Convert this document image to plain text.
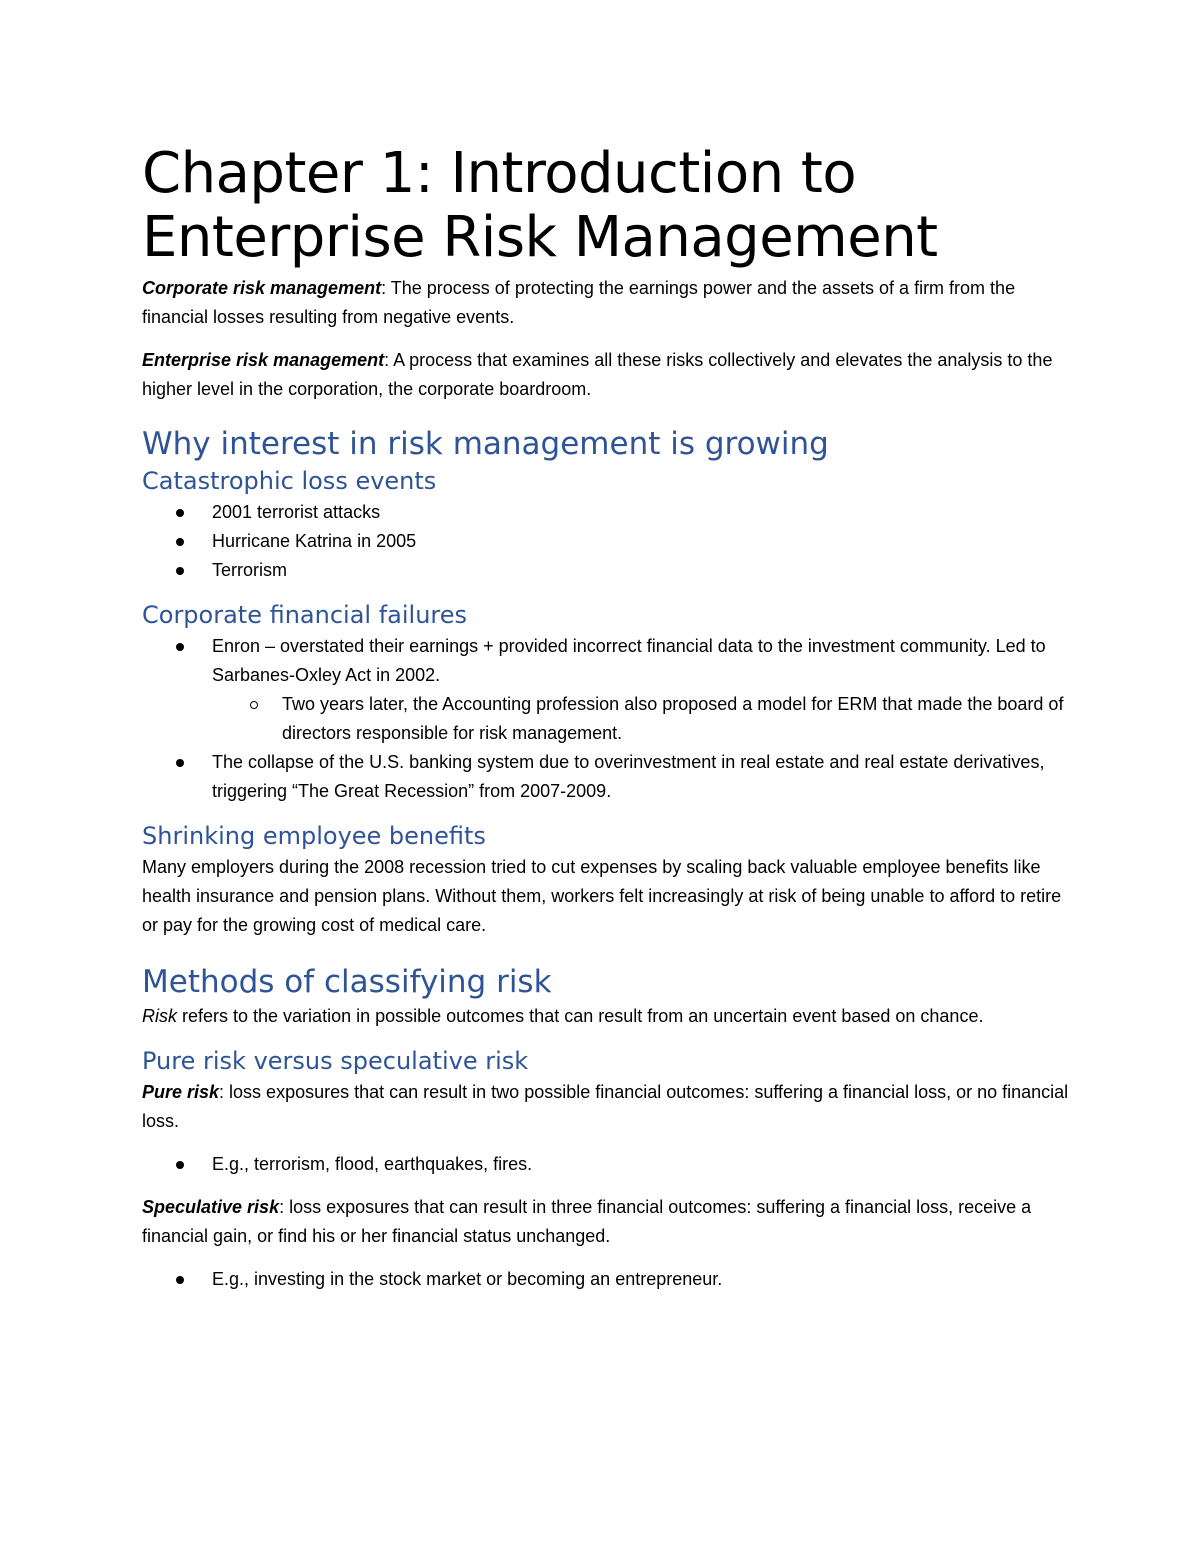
Chapter 1: Introduction to
Enterprise Risk Management

Corporate risk management: The process of protecting the earnings power and the assets of a firm from the financial losses resulting from negative events.

Enterprise risk management: A process that examines all these risks collectively and elevates the analysis to the higher level in the corporation, the corporate boardroom.

Why interest in risk management is growing
Catastrophic loss events
2001 terrorist attacks
Hurricane Katrina in 2005
Terrorism
Corporate financial failures
Enron – overstated their earnings + provided incorrect financial data to the investment community. Led to Sarbanes-Oxley Act in 2002.
Two years later, the Accounting profession also proposed a model for ERM that made the board of directors responsible for risk management.
The collapse of the U.S. banking system due to overinvestment in real estate and real estate derivatives, triggering “The Great Recession” from 2007-2009.
Shrinking employee benefits

Many employers during the 2008 recession tried to cut expenses by scaling back valuable employee benefits like health insurance and pension plans. Without them, workers felt increasingly at risk of being unable to afford to retire or pay for the growing cost of medical care.

Methods of classifying risk

Risk refers to the variation in possible outcomes that can result from an uncertain event based on chance.

Pure risk versus speculative risk

Pure risk: loss exposures that can result in two possible financial outcomes: suffering a financial loss, or no financial loss.

E.g., terrorism, flood, earthquakes, fires.

Speculative risk: loss exposures that can result in three financial outcomes: suffering a financial loss, receive a financial gain, or find his or her financial status unchanged.

E.g., investing in the stock market or becoming an entrepreneur.
